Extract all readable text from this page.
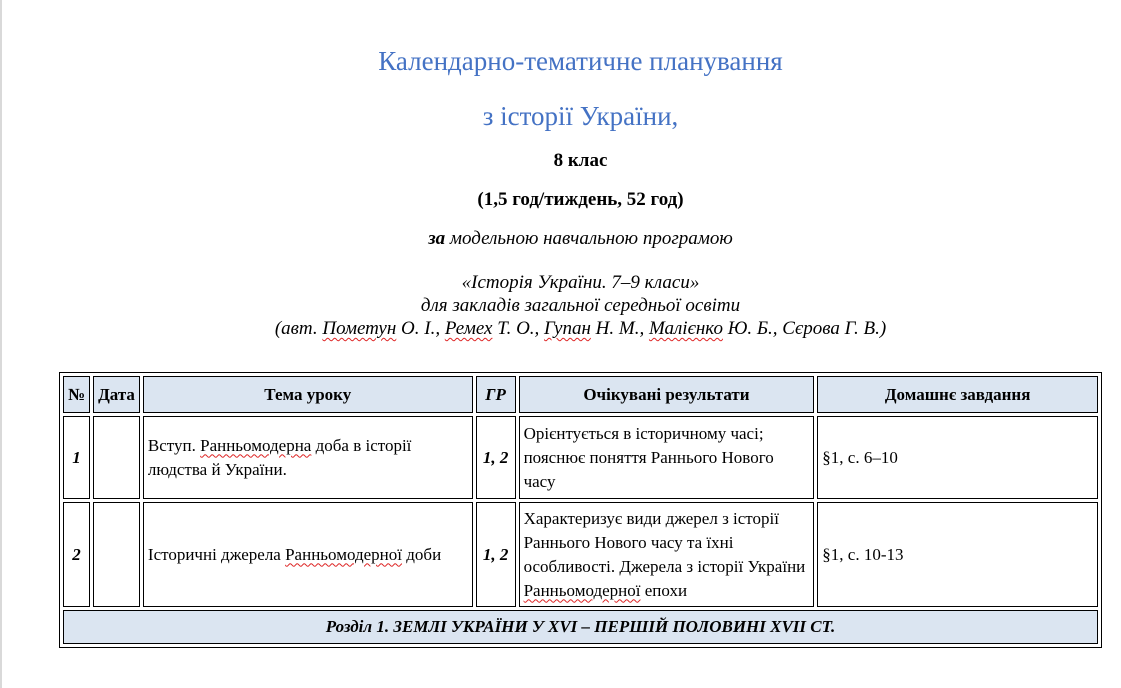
Календарно-тематичне планування
з історії України,
8 клас
(1,5 год/тиждень, 52 год)
за модельною навчальною програмою
«Історія України. 7–9 класи»
для закладів загальної середньої освіти
(авт. Пометун О. І., Ремех Т. О., Гупан Н. М., Малієнко Ю. Б., Сєрова Г. В.)
№	Дата	Тема уроку	ГР	Очікувані результати	Домашнє завдання
1		Вступ. Ранньомодерна доба в історії людства й України.	1, 2	Орієнтується в історичному часі; пояснює поняття Раннього Нового часу	§1, с. 6–10
2		Історичні джерела Ранньомодерної доби	1, 2	Характеризує види джерел з історії Раннього Нового часу та їхні особливості. Джерела з історії України Ранньомодерної епохи	§1, с. 10-13
Розділ 1. ЗЕМЛІ УКРАЇНИ У XVI – ПЕРШІЙ ПОЛОВИНІ XVII СТ.					
